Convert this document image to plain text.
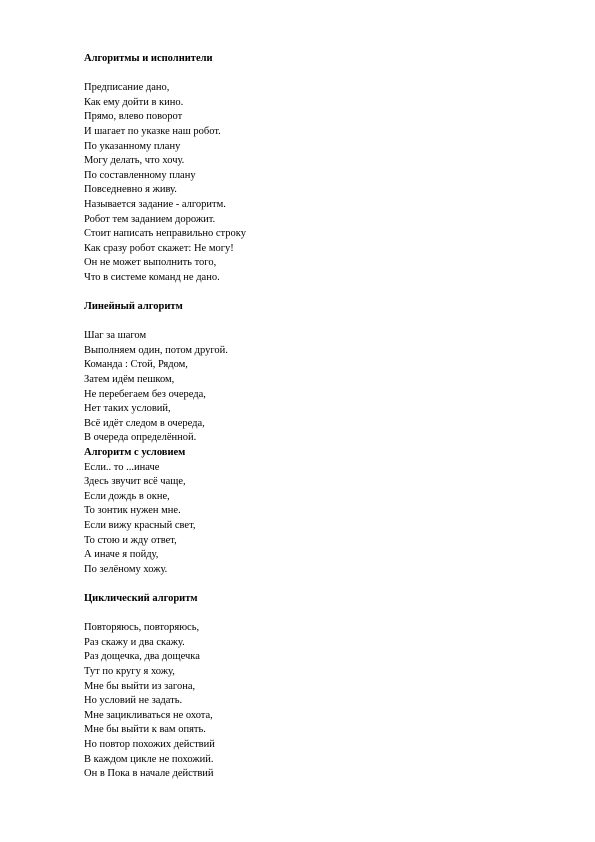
Алгоритмы и исполнители

Предписание дано,

Как ему дойти в кино.

Прямо, влево поворот

И шагает по указке наш робот.

По указанному плану

Могу делать, что хочу.

По составленному плану

Повседневно я живу.

Называется задание - алгоритм.

Робот тем заданием дорожит.

Стоит написать неправильно строку

Как сразу робот скажет: Не могу!

Он не может выполнить того,

Что в системе команд не дано.

Линейный алгоритм

Шаг за шагом

Выполняем один, потом другой.

Команда : Стой, Рядом,

Затем идём пешком,

Не перебегаем без очереда,

Нет таких условий,

Всё идёт следом в очереда,

В очереда определённой.

Алгоритм с условием

Если.. то ...иначе

Здесь звучит всё чаще,

Если дождь в окне,

То зонтик нужен мне.

Если вижу красный свет,

То стою и жду ответ,

А иначе я пойду,

По зелёному хожу.

Циклический алгоритм

Повторяюсь, повторяюсь,

Раз скажу и два скажу.

Раз дощечка, два дощечка

Тут по кругу я хожу,

Мне бы выйти из загона,

Но условий не задать.

Мне зацикливаться не охота,

Мне бы выйти к вам опять.

Но повтор похожих действий

В каждом цикле не похожий.

Он в Пока в начале действий
